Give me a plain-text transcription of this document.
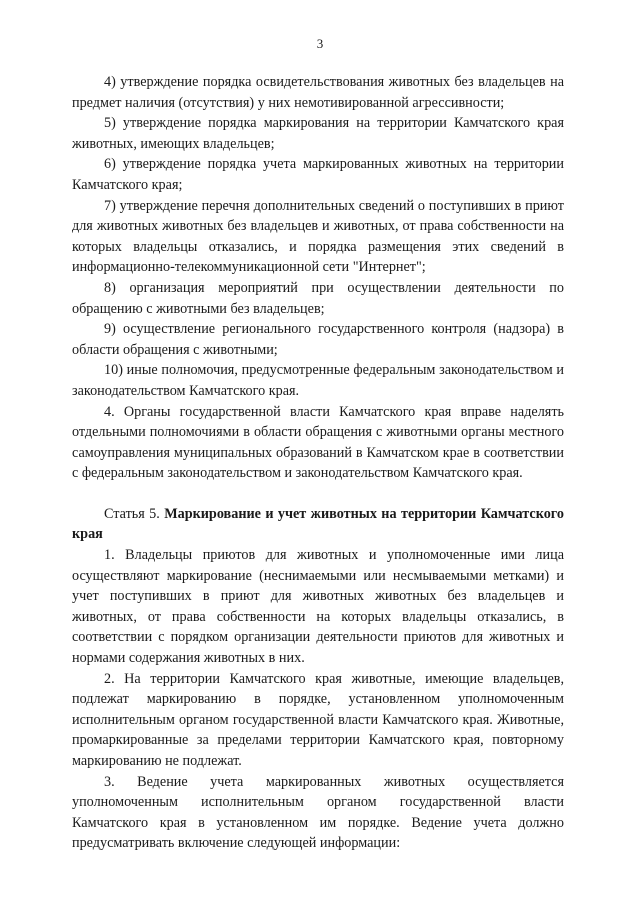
3

4) утверждение порядка освидетельствования животных без владельцев на предмет наличия (отсутствия) у них немотивированной агрессивности;

5) утверждение порядка маркирования на территории Камчатского края животных, имеющих владельцев;

6) утверждение порядка учета маркированных животных на территории Камчатского края;

7) утверждение перечня дополнительных сведений о поступивших в приют для животных животных без владельцев и животных, от права собственности на которых владельцы отказались, и порядка размещения этих сведений в информационно-телекоммуникационной сети "Интернет";

8) организация мероприятий при осуществлении деятельности по обращению с животными без владельцев;

9) осуществление регионального государственного контроля (надзора) в области обращения с животными;

10) иные полномочия, предусмотренные федеральным законодательством и законодательством Камчатского края.

4. Органы государственной власти Камчатского края вправе наделять отдельными полномочиями в области обращения с животными органы местного самоуправления муниципальных образований в Камчатском крае в соответствии с федеральным законодательством и законодательством Камчатского края.

Статья 5. Маркирование и учет животных на территории Камчатского края

1. Владельцы приютов для животных и уполномоченные ими лица осуществляют маркирование (неснимаемыми или несмываемыми метками) и учет поступивших в приют для животных животных без владельцев и животных, от права собственности на которых владельцы отказались, в соответствии с порядком организации деятельности приютов для животных и нормами содержания животных в них.

2. На территории Камчатского края животные, имеющие владельцев, подлежат маркированию в порядке, установленном уполномоченным исполнительным органом государственной власти Камчатского края. Животные, промаркированные за пределами территории Камчатского края, повторному маркированию не подлежат.

3. Ведение учета маркированных животных осуществляется уполномоченным исполнительным органом государственной власти Камчатского края в установленном им порядке. Ведение учета должно предусматривать включение следующей информации:
